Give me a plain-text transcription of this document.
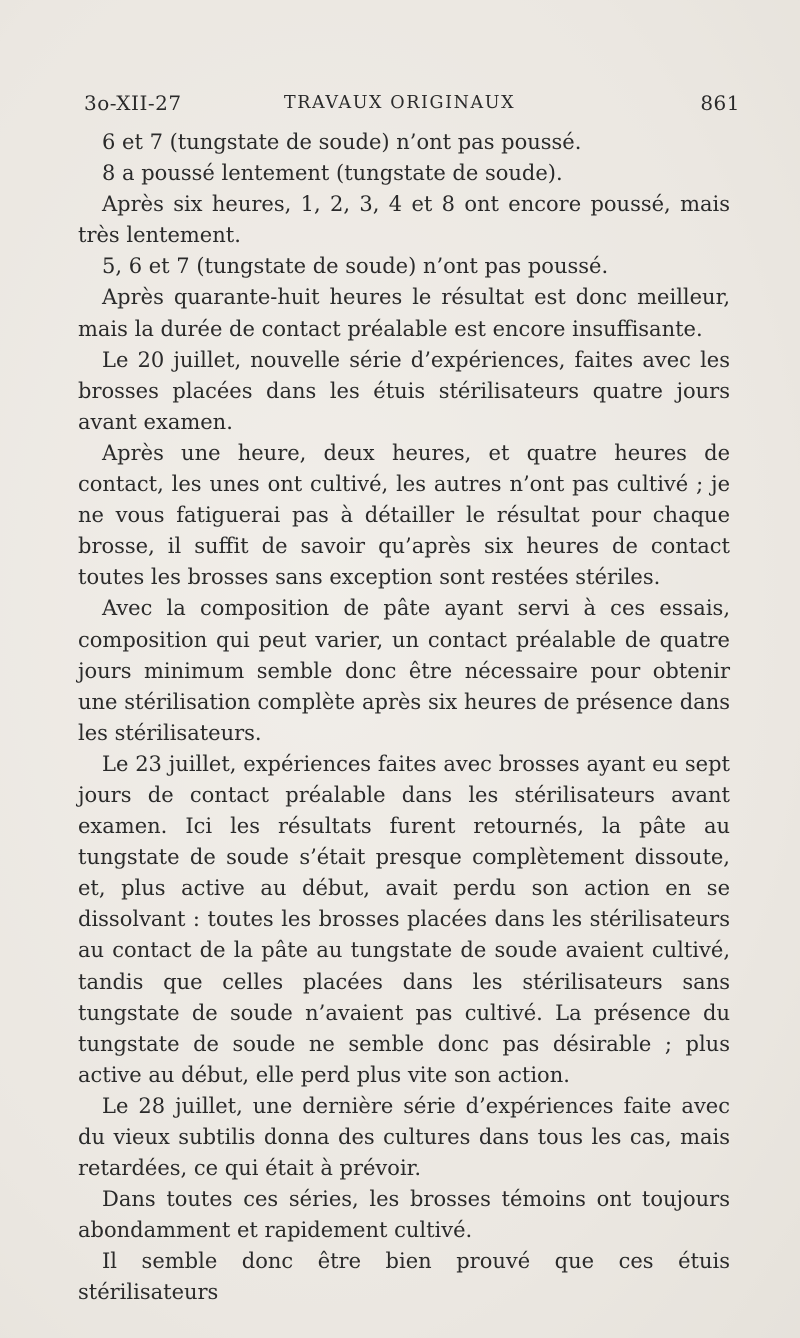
3o-XII-27	TRAVAUX ORIGINAUX	861

6 et 7 (tungstate de soude) n’ont pas poussé.

8 a poussé lentement (tungstate de soude).

Après six heures, 1, 2, 3, 4 et 8 ont encore poussé, mais très lentement.

5, 6 et 7 (tungstate de soude) n’ont pas poussé.

Après quarante-huit heures le résultat est donc meilleur, mais la durée de contact préalable est encore insuffisante.

Le 20 juillet, nouvelle série d’expériences, faites avec les brosses placées dans les étuis stérilisateurs quatre jours avant examen.

Après une heure, deux heures, et quatre heures de contact, les unes ont cultivé, les autres n’ont pas cultivé ; je ne vous fatiguerai pas à détailler le résultat pour chaque brosse, il suffit de savoir qu’après six heures de contact toutes les brosses sans exception sont restées stériles.

Avec la composition de pâte ayant servi à ces essais, composition qui peut varier, un contact préalable de quatre jours minimum semble donc être nécessaire pour obtenir une stérilisation complète après six heures de présence dans les stérilisateurs.

Le 23 juillet, expériences faites avec brosses ayant eu sept jours de contact préalable dans les stérilisateurs avant examen. Ici les résultats furent retournés, la pâte au tungstate de soude s’était presque complètement dissoute, et, plus active au début, avait perdu son action en se dissolvant : toutes les brosses placées dans les stérilisateurs au contact de la pâte au tungstate de soude avaient cultivé, tandis que celles placées dans les stérilisateurs sans tungstate de soude n’avaient pas cultivé. La présence du tungstate de soude ne semble donc pas désirable ; plus active au début, elle perd plus vite son action.

Le 28 juillet, une dernière série d’expériences faite avec du vieux subtilis donna des cultures dans tous les cas, mais retardées, ce qui était à prévoir.

Dans toutes ces séries, les brosses témoins ont toujours abondamment et rapidement cultivé.

Il semble donc être bien prouvé que ces étuis stérilisateurs
